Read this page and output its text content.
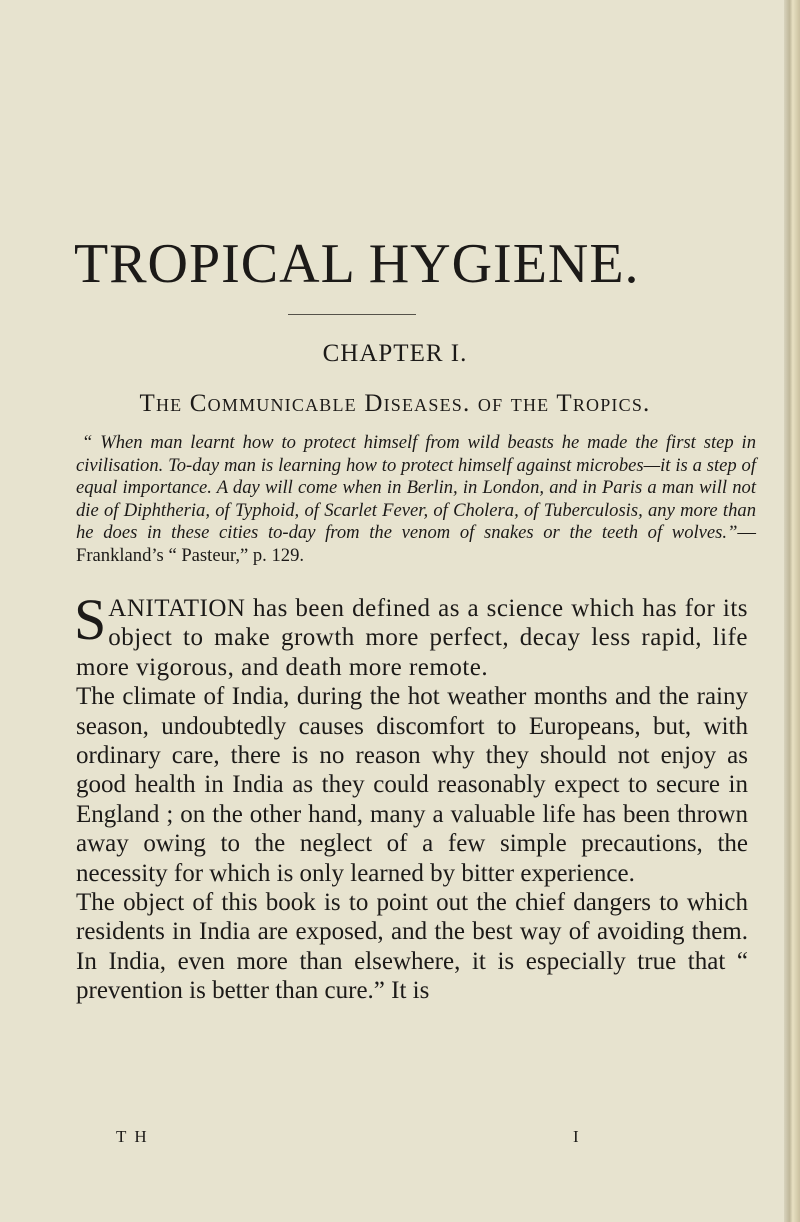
TROPICAL HYGIENE.
CHAPTER I.
The Communicable Diseases. of the Tropics.

“ When man learnt how to protect himself from wild beasts he made the first step in civilisation. To-day man is learning how to protect himself against microbes—it is a step of equal importance. A day will come when in Berlin, in London, and in Paris a man will not die of Diphtheria, of Typhoid, of Scarlet Fever, of Cholera, of Tuberculosis, any more than he does in these cities to-day from the venom of snakes or the teeth of wolves.”—Frankland’s “ Pasteur,” p. 129.

SANITATION has been defined as a science which has for its object to make growth more perfect, decay less rapid, life more vigorous, and death more remote.

The climate of India, during the hot weather months and the rainy season, undoubtedly causes discomfort to Europeans, but, with ordinary care, there is no reason why they should not enjoy as good health in India as they could reasonably expect to secure in England ; on the other hand, many a valuable life has been thrown away owing to the neglect of a few simple precautions, the necessity for which is only learned by bitter experience.

The object of this book is to point out the chief dangers to which residents in India are exposed, and the best way of avoiding them. In India, even more than elsewhere, it is especially true that “ prevention is better than cure.” It is

T H	I
